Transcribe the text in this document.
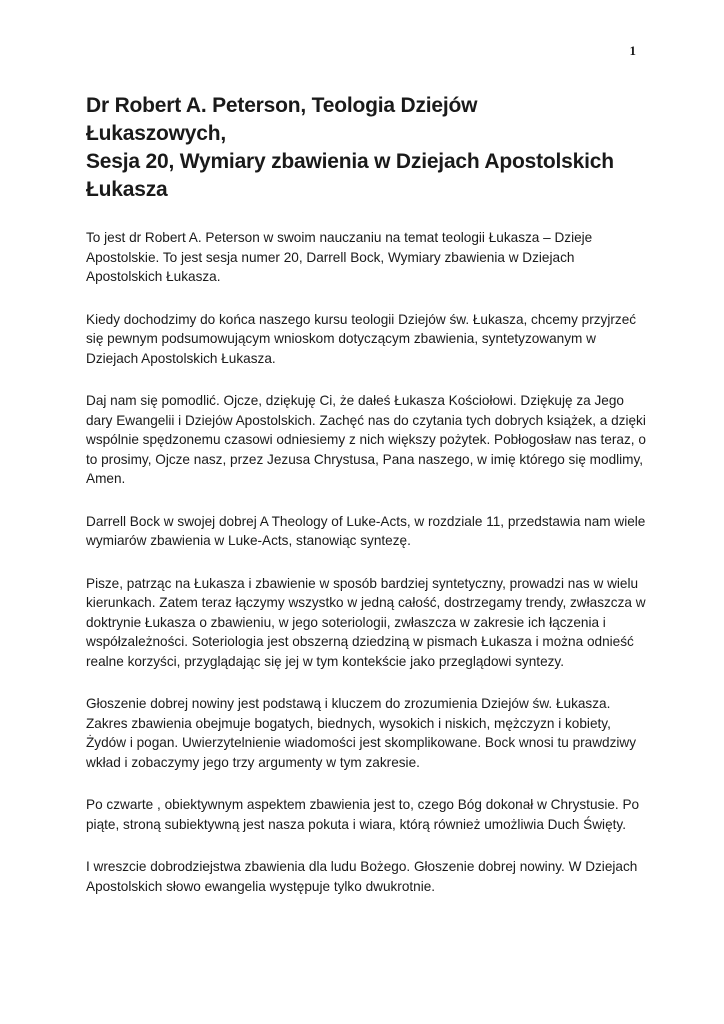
1
Dr Robert A. Peterson, Teologia Dziejów
Łukaszowych,
Sesja 20, Wymiary zbawienia w Dziejach Apostolskich
Łukasza

To jest dr Robert A. Peterson w swoim nauczaniu na temat teologii Łukasza – Dzieje Apostolskie. To jest sesja numer 20, Darrell Bock, Wymiary zbawienia w Dziejach Apostolskich Łukasza.

Kiedy dochodzimy do końca naszego kursu teologii Dziejów św. Łukasza, chcemy przyjrzeć się pewnym podsumowującym wnioskom dotyczącym zbawienia, syntetyzowanym w Dziejach Apostolskich Łukasza.

Daj nam się pomodlić. Ojcze, dziękuję Ci, że dałeś Łukasza Kościołowi. Dziękuję za Jego dary Ewangelii i Dziejów Apostolskich. Zachęć nas do czytania tych dobrych książek, a dzięki wspólnie spędzonemu czasowi odniesiemy z nich większy pożytek. Pobłogosław nas teraz, o to prosimy, Ojcze nasz, przez Jezusa Chrystusa, Pana naszego, w imię którego się modlimy, Amen.

Darrell Bock w swojej dobrej A Theology of Luke-Acts, w rozdziale 11, przedstawia nam wiele wymiarów zbawienia w Luke-Acts, stanowiąc syntezę.

Pisze, patrząc na Łukasza i zbawienie w sposób bardziej syntetyczny, prowadzi nas w wielu kierunkach. Zatem teraz łączymy wszystko w jedną całość, dostrzegamy trendy, zwłaszcza w doktrynie Łukasza o zbawieniu, w jego soteriologii, zwłaszcza w zakresie ich łączenia i współzależności. Soteriologia jest obszerną dziedziną w pismach Łukasza i można odnieść realne korzyści, przyglądając się jej w tym kontekście jako przeglądowi syntezy.

Głoszenie dobrej nowiny jest podstawą i kluczem do zrozumienia Dziejów św. Łukasza. Zakres zbawienia obejmuje bogatych, biednych, wysokich i niskich, mężczyzn i kobiety, Żydów i pogan. Uwierzytelnienie wiadomości jest skomplikowane. Bock wnosi tu prawdziwy wkład i zobaczymy jego trzy argumenty w tym zakresie.

Po czwarte , obiektywnym aspektem zbawienia jest to, czego Bóg dokonał w Chrystusie. Po piąte, stroną subiektywną jest nasza pokuta i wiara, którą również umożliwia Duch Święty.

I wreszcie dobrodziejstwa zbawienia dla ludu Bożego. Głoszenie dobrej nowiny. W Dziejach Apostolskich słowo ewangelia występuje tylko dwukrotnie.
